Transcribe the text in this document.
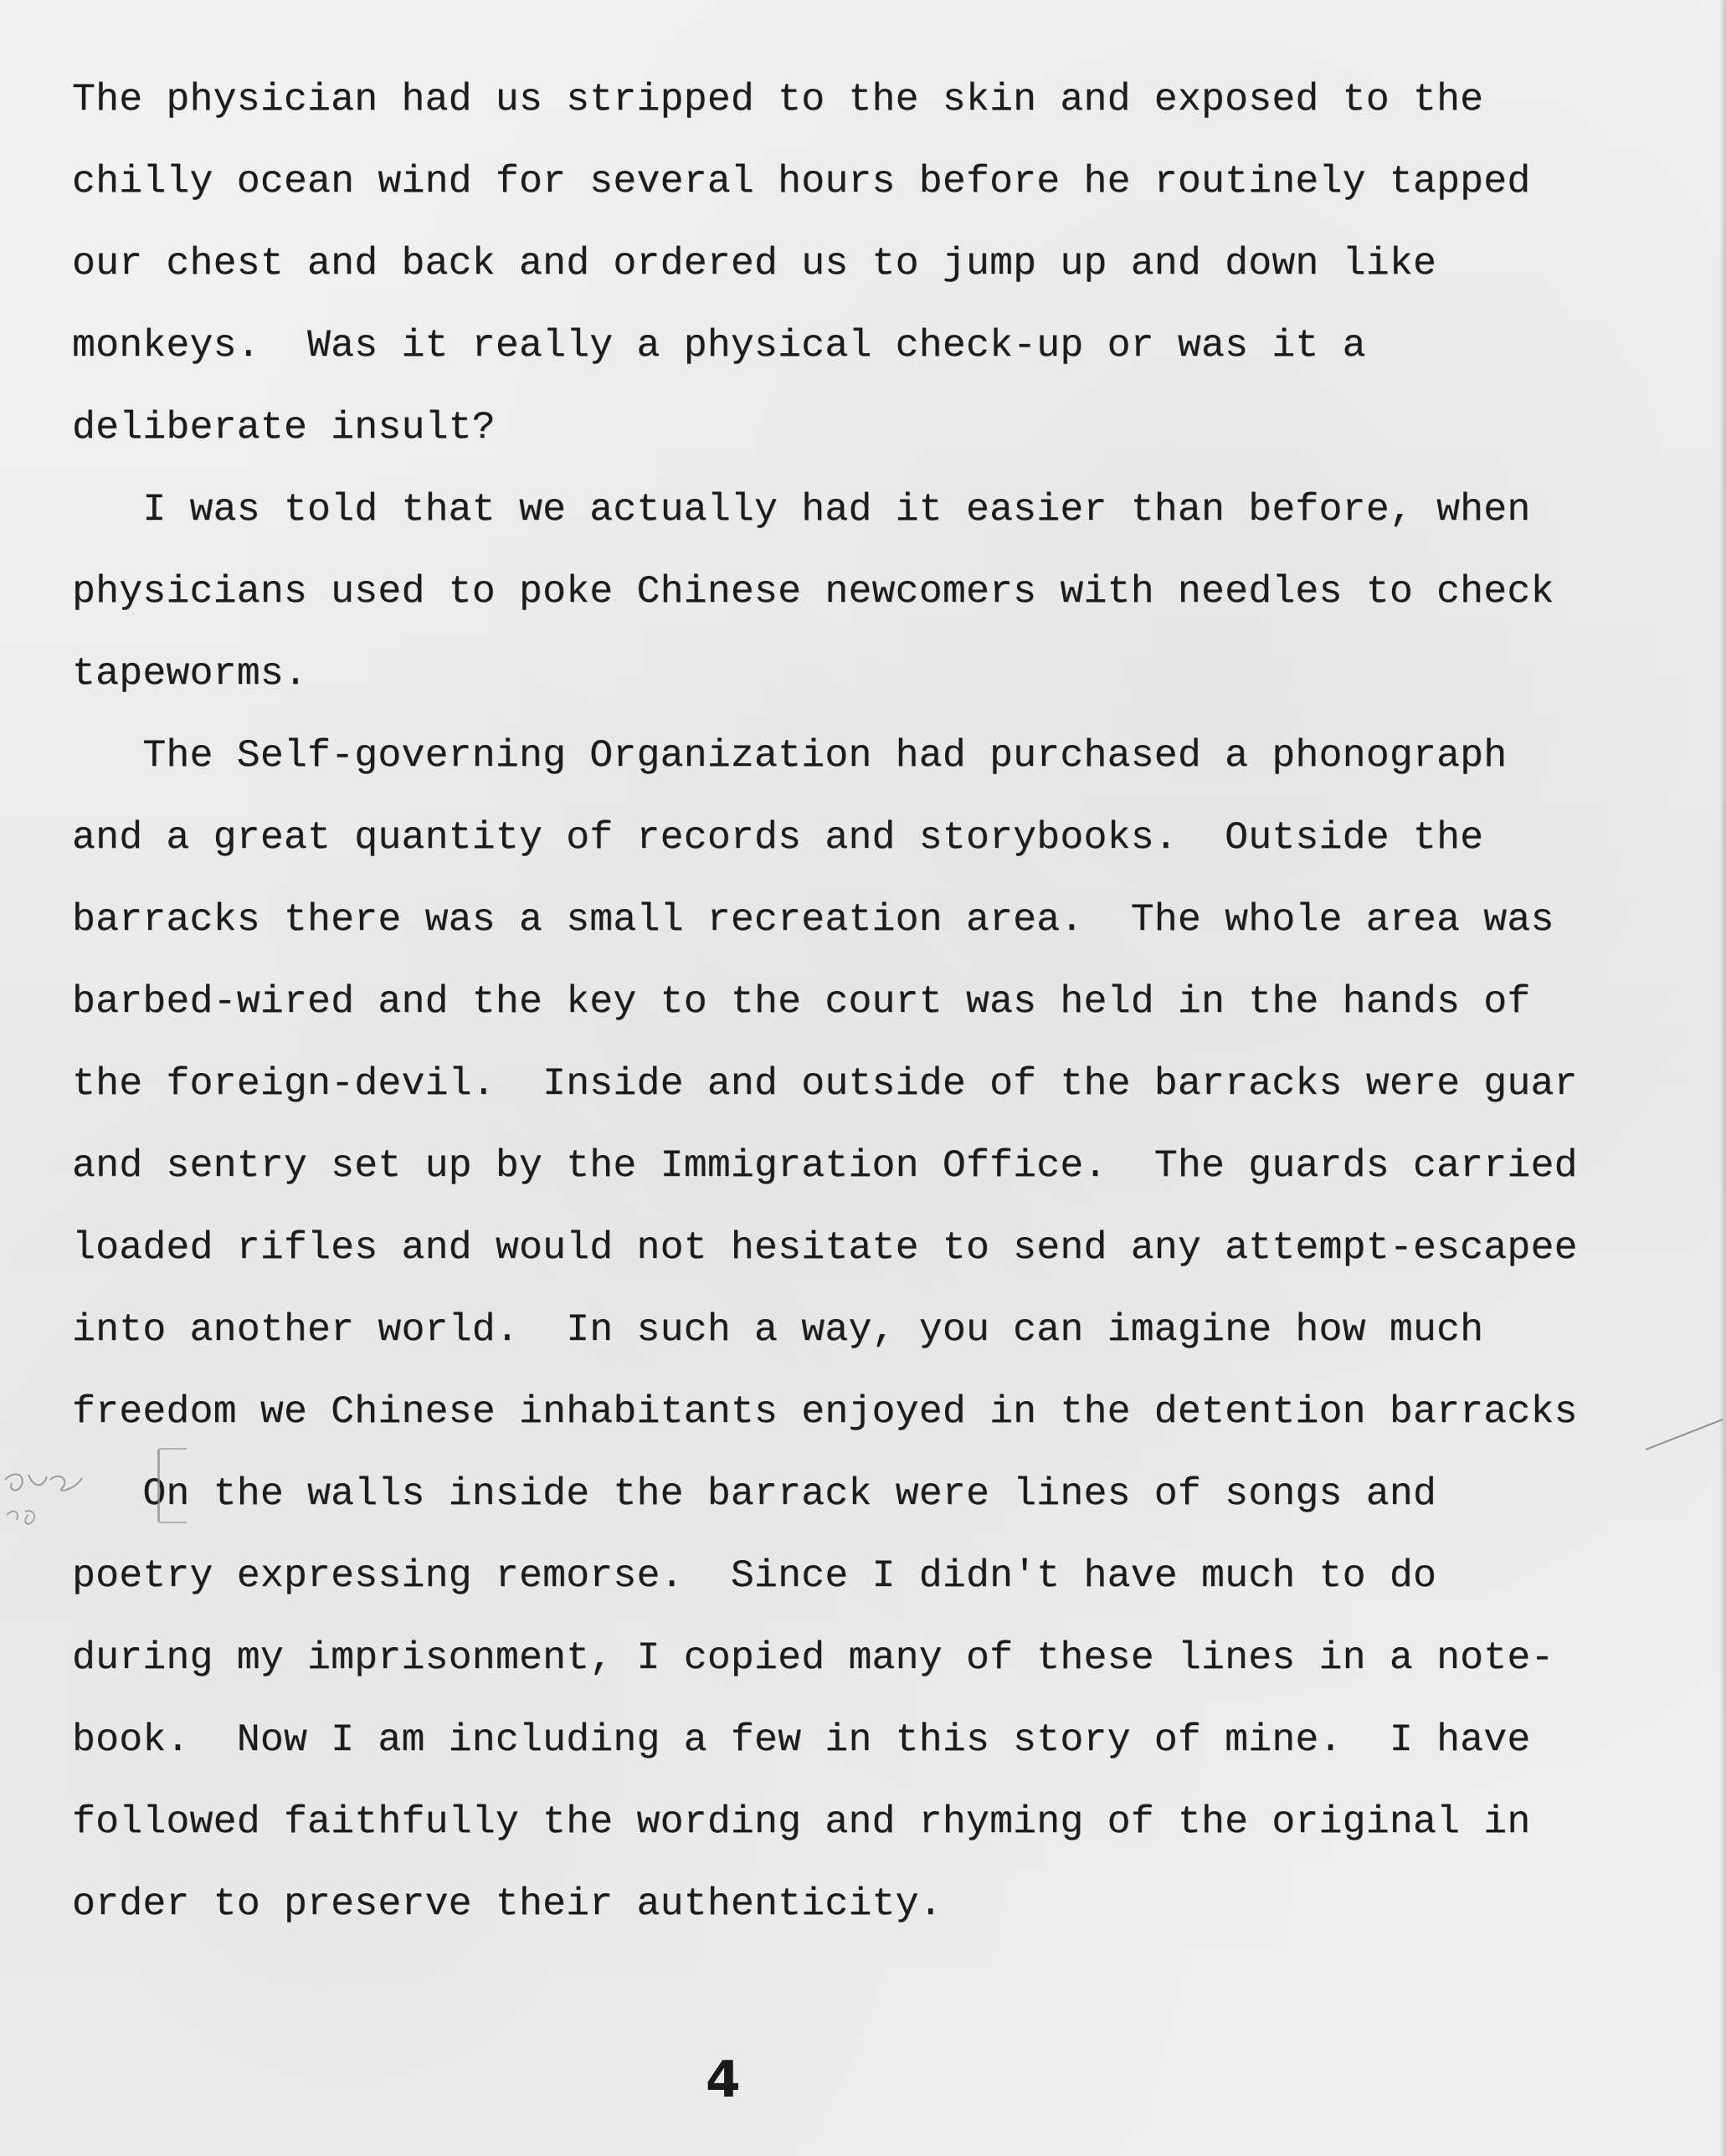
The physician had us stripped to the skin and exposed to the
chilly ocean wind for several hours before he routinely tapped
our chest and back and ordered us to jump up and down like
monkeys.  Was it really a physical check-up or was it a
deliberate insult?
I was told that we actually had it easier than before, when
physicians used to poke Chinese newcomers with needles to check
tapeworms.
The Self-governing Organization had purchased a phonograph
and a great quantity of records and storybooks.  Outside the
barracks there was a small recreation area.  The whole area was
barbed-wired and the key to the court was held in the hands of
the foreign-devil.  Inside and outside of the barracks were guar
and sentry set up by the Immigration Office.  The guards carried
loaded rifles and would not hesitate to send any attempt-escapee
into another world.  In such a way, you can imagine how much
freedom we Chinese inhabitants enjoyed in the detention barracks
On the walls inside the barrack were lines of songs and
poetry expressing remorse.  Since I didn't have much to do
during my imprisonment, I copied many of these lines in a note-
book.  Now I am including a few in this story of mine.  I have
followed faithfully the wording and rhyming of the original in
order to preserve their authenticity.
4
